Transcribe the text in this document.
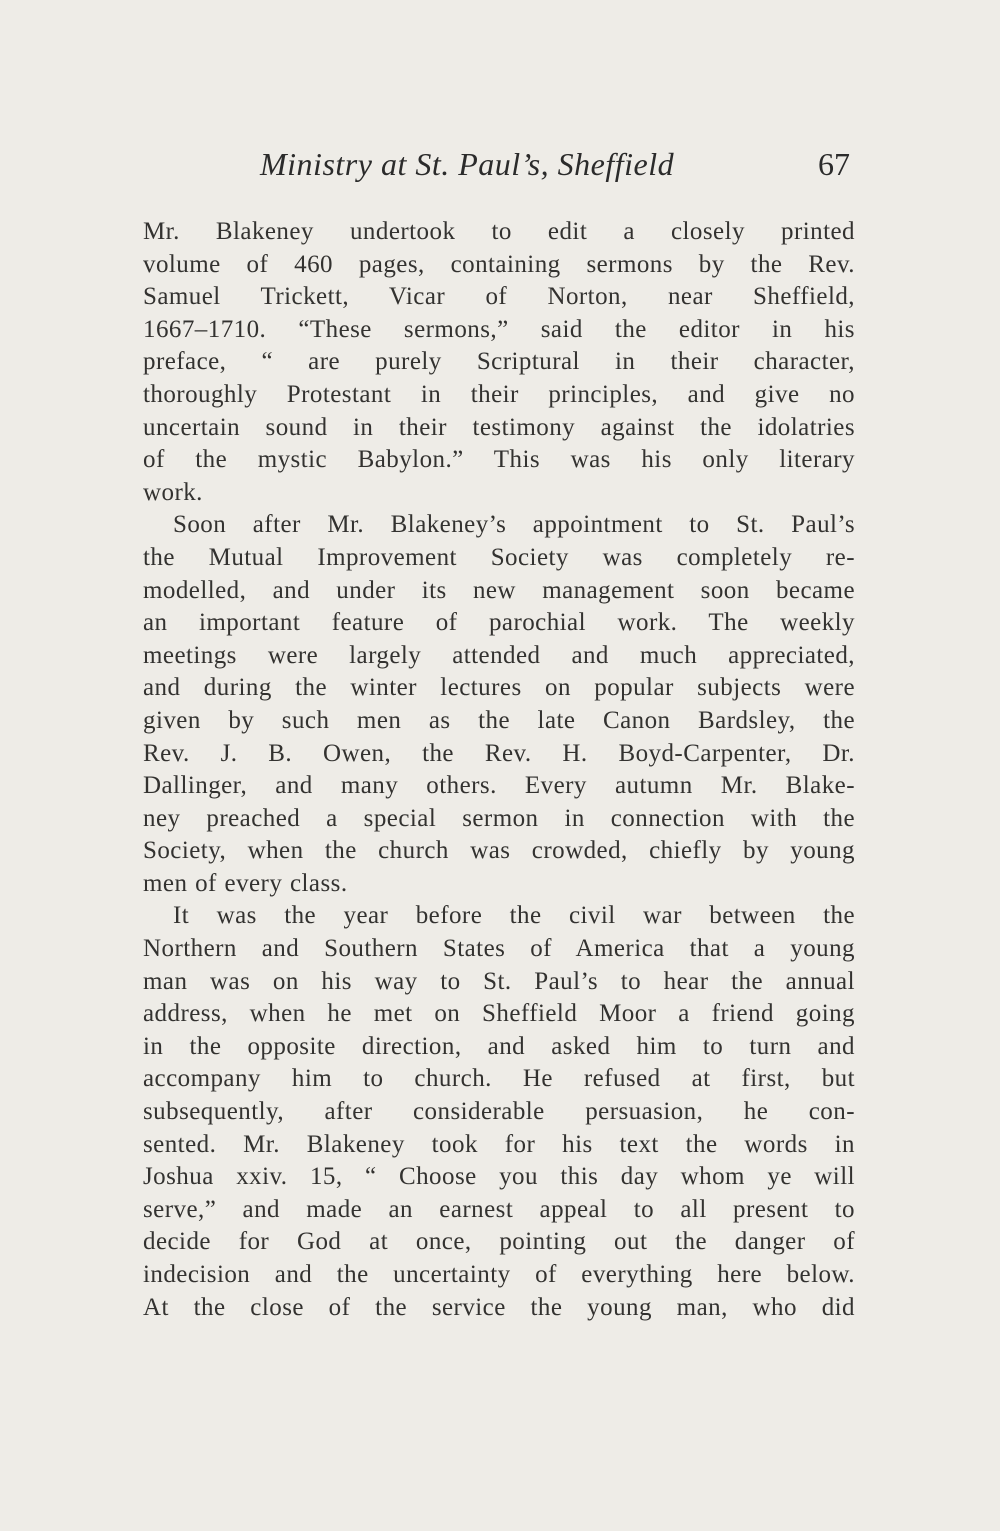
Ministry at St. Paul’s, Sheffield	67
Mr. Blakeney undertook to edit a closely printed
volume of 460 pages, containing sermons by the Rev.
Samuel Trickett, Vicar of Norton, near Sheffield,
1667–1710. “These sermons,” said the editor in his
preface, “ are purely Scriptural in their character,
thoroughly Protestant in their principles, and give no
uncertain sound in their testimony against the idolatries
of the mystic Babylon.” This was his only literary
work.
Soon after Mr. Blakeney’s appointment to St. Paul’s
the Mutual Improvement Society was completely re-
modelled, and under its new management soon became
an important feature of parochial work. The weekly
meetings were largely attended and much appreciated,
and during the winter lectures on popular subjects were
given by such men as the late Canon Bardsley, the
Rev. J. B. Owen, the Rev. H. Boyd-Carpenter, Dr.
Dallinger, and many others. Every autumn Mr. Blake-
ney preached a special sermon in connection with the
Society, when the church was crowded, chiefly by young
men of every class.
It was the year before the civil war between the
Northern and Southern States of America that a young
man was on his way to St. Paul’s to hear the annual
address, when he met on Sheffield Moor a friend going
in the opposite direction, and asked him to turn and
accompany him to church. He refused at first, but
subsequently, after considerable persuasion, he con-
sented. Mr. Blakeney took for his text the words in
Joshua xxiv. 15, “ Choose you this day whom ye will
serve,” and made an earnest appeal to all present to
decide for God at once, pointing out the danger of
indecision and the uncertainty of everything here below.
At the close of the service the young man, who did
